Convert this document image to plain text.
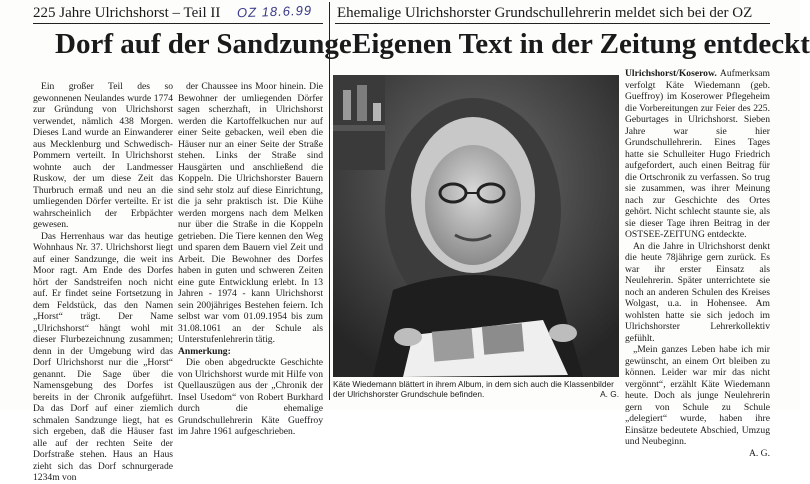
225 Jahre Ulrichshorst – Teil II OZ 18.6.99 Ehemalige Ulrichshorster Grundschullehrerin meldet sich bei der OZ
Dorf auf der Sandzunge Eigenen Text in der Zeitung entdeckt

Ein großer Teil des so gewonnenen Neulandes wurde 1774 zur Gründung von Ulrichshorst verwendet, nämlich 438 Morgen. Dieses Land wurde an Einwanderer aus Mecklenburg und Schwedisch-Pommern verteilt. In Ulrichshorst wohnte auch der Landmesser Ruskow, der um diese Zeit das Thurbruch ermaß und neu an die umliegenden Dörfer verteilte. Er ist wahrscheinlich der Erbpächter gewesen.

Das Herrenhaus war das heutige Wohnhaus Nr. 37. Ulrichshorst liegt auf einer Sandzunge, die weit ins Moor ragt. Am Ende des Dorfes hört der Sandstreifen noch nicht auf. Er findet seine Fortsetzung in dem Feldstück, das den Namen „Horst“ trägt. Der Name „Ulrichshorst“ hängt wohl mit dieser Flurbezeichnung zusammen; denn in der Umgebung wird das Dorf Ulrichshorst nur die „Horst“ genannt. Die Sage über die Namensgebung des Dorfes ist bereits in der Chronik aufgeführt. Da das Dorf auf einer ziemlich schmalen Sandzunge liegt, hat es sich ergeben, daß die Häuser fast alle auf der rechten Seite der Dorfstraße stehen. Haus an Haus zieht sich das Dorf schnurgerade 1234m von

der Chaussee ins Moor hinein. Die Bewohner der umliegenden Dörfer sagen scherzhaft, in Ulrichshorst werden die Kartoffelkuchen nur auf einer Seite gebacken, weil eben die Häuser nur an einer Seite der Straße stehen. Links der Straße sind Hausgärten und anschließend die Koppeln. Die Ulrichshorster Bauern sind sehr stolz auf diese Einrichtung, die ja sehr praktisch ist. Die Kühe werden morgens nach dem Melken nur über die Straße in die Koppeln getrieben. Die Tiere kennen den Weg und sparen dem Bauern viel Zeit und Arbeit. Die Bewohner des Dorfes haben in guten und schweren Zeiten eine gute Entwicklung erlebt. In 13 Jahren - 1974 - kann Ulrichshorst sein 200jähriges Bestehen feiern. Ich selbst war vom 01.09.1954 bis zum 31.08.1061 an der Schule als Unterstufenlehrerin tätig.

Anmerkung:

Die oben abgedruckte Geschichte von Ulrichshorst wurde mit Hilfe von Quellauszügen aus der „Chronik der Insel Usedom“ von Robert Burkhard durch die ehemalige Grundschullehrerin Käte Gueffroy im Jahre 1961 aufgeschrieben.

Käte Wiedemann blättert in ihrem Album, in dem sich auch die Klassenbilder der Ulrichshorster Grundschule befinden.	A. G.

Ulrichshorst/Koserow. Aufmerksam verfolgt Käte Wiedemann (geb. Gueffroy) im Koserower Pflegeheim die Vorbereitungen zur Feier des 225. Geburtages in Ulrichshorst. Sieben Jahre war sie hier Grundschullehrerin. Eines Tages hatte sie Schulleiter Hugo Friedrich aufgefordert, auch einen Beitrag für die Ortschronik zu verfassen. So trug sie zusammen, was ihrer Meinung nach zur Geschichte des Ortes gehört. Nicht schlecht staunte sie, als sie dieser Tage ihren Beitrag in der OSTSEE-ZEITUNG entdeckte.

An die Jahre in Ulrichshorst denkt die heute 78jährige gern zurück. Es war ihr erster Einsatz als Neulehrerin. Später unterrichtete sie noch an anderen Schulen des Kreises Wolgast, u.a. in Hohensee. Am wohlsten hatte sie sich jedoch im Ulrichshorster Lehrerkollektiv gefühlt.

„Mein ganzes Leben habe ich mir gewünscht, an einem Ort bleiben zu können. Leider war mir das nicht vergönnt“, erzählt Käte Wiedemann heute. Doch als junge Neulehrerin gern von Schule zu Schule „delegiert“ wurde, haben ihre Einsätze bedeutete Abschied, Umzug und Neubeginn.

A. G.
